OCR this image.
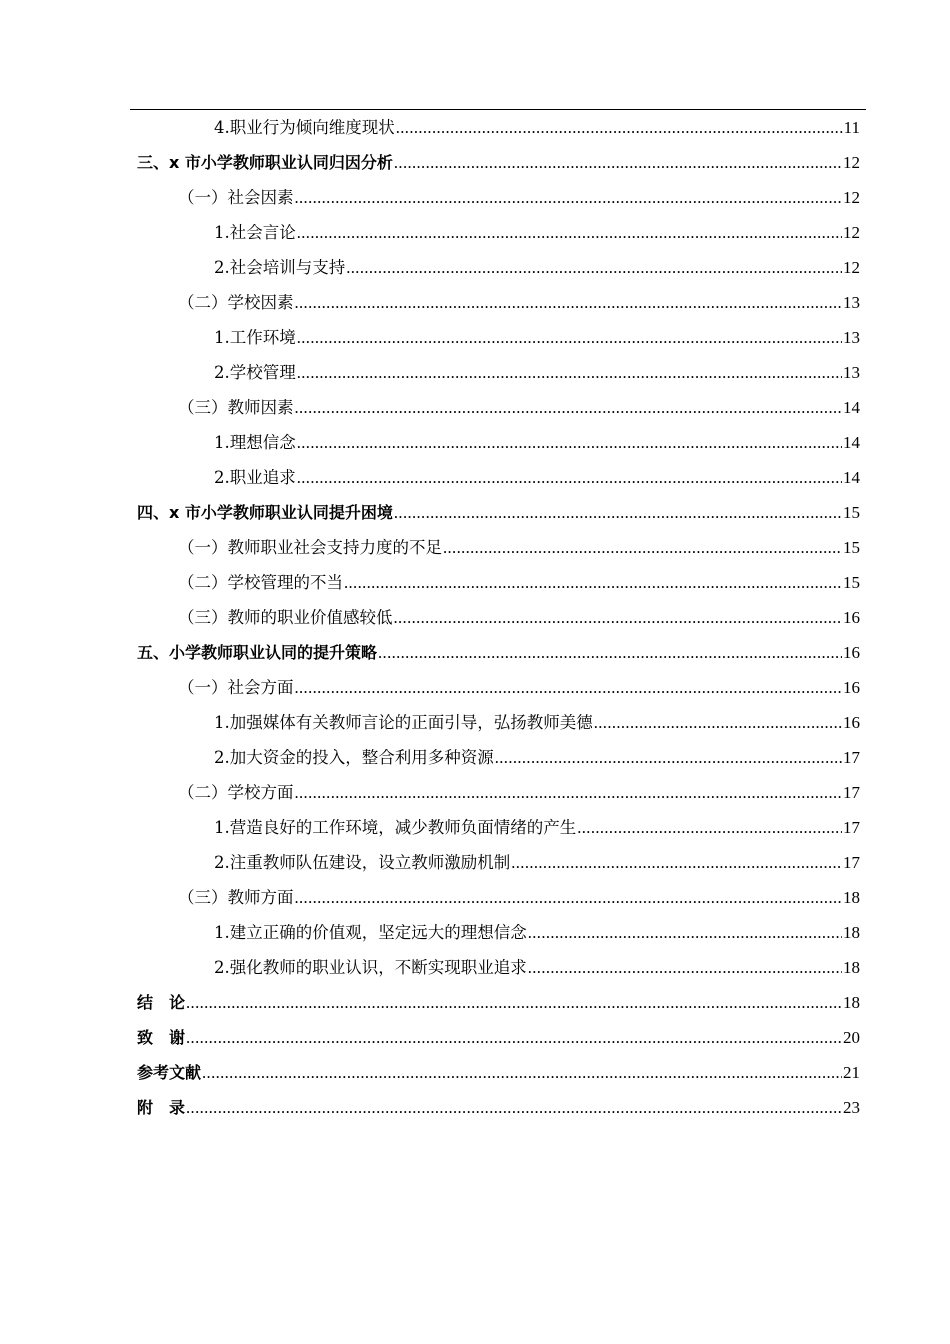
4.职业行为倾向维度现状 .....	11
三、x 市小学教师职业认同归因分析 .....	12
（一）社会因素 .....	12
1.社会言论 .....	12
2.社会培训与支持 .....	12
（二）学校因素 .....	13
1.工作环境 .....	13
2.学校管理 .....	13
（三）教师因素 .....	14
1.理想信念 .....	14
2.职业追求 .....	14
四、x 市小学教师职业认同提升困境 .....	15
（一）教师职业社会支持力度的不足 .....	15
（二）学校管理的不当 .....	15
（三）教师的职业价值感较低 .....	16
五、小学教师职业认同的提升策略 .....	16
（一）社会方面 .....	16
1.加强媒体有关教师言论的正面引导，弘扬教师美德 .....	16
2.加大资金的投入，整合利用多种资源 .....	17
（二）学校方面 .....	17
1.营造良好的工作环境，减少教师负面情绪的产生 .....	17
2.注重教师队伍建设，设立教师激励机制 .....	17
（三）教师方面 .....	18
1.建立正确的价值观，坚定远大的理想信念 .....	18
2.强化教师的职业认识，不断实现职业追求 .....	18
结　论 .....	18
致　谢 .....	20
参考文献 .....	21
附　录 .....	23
